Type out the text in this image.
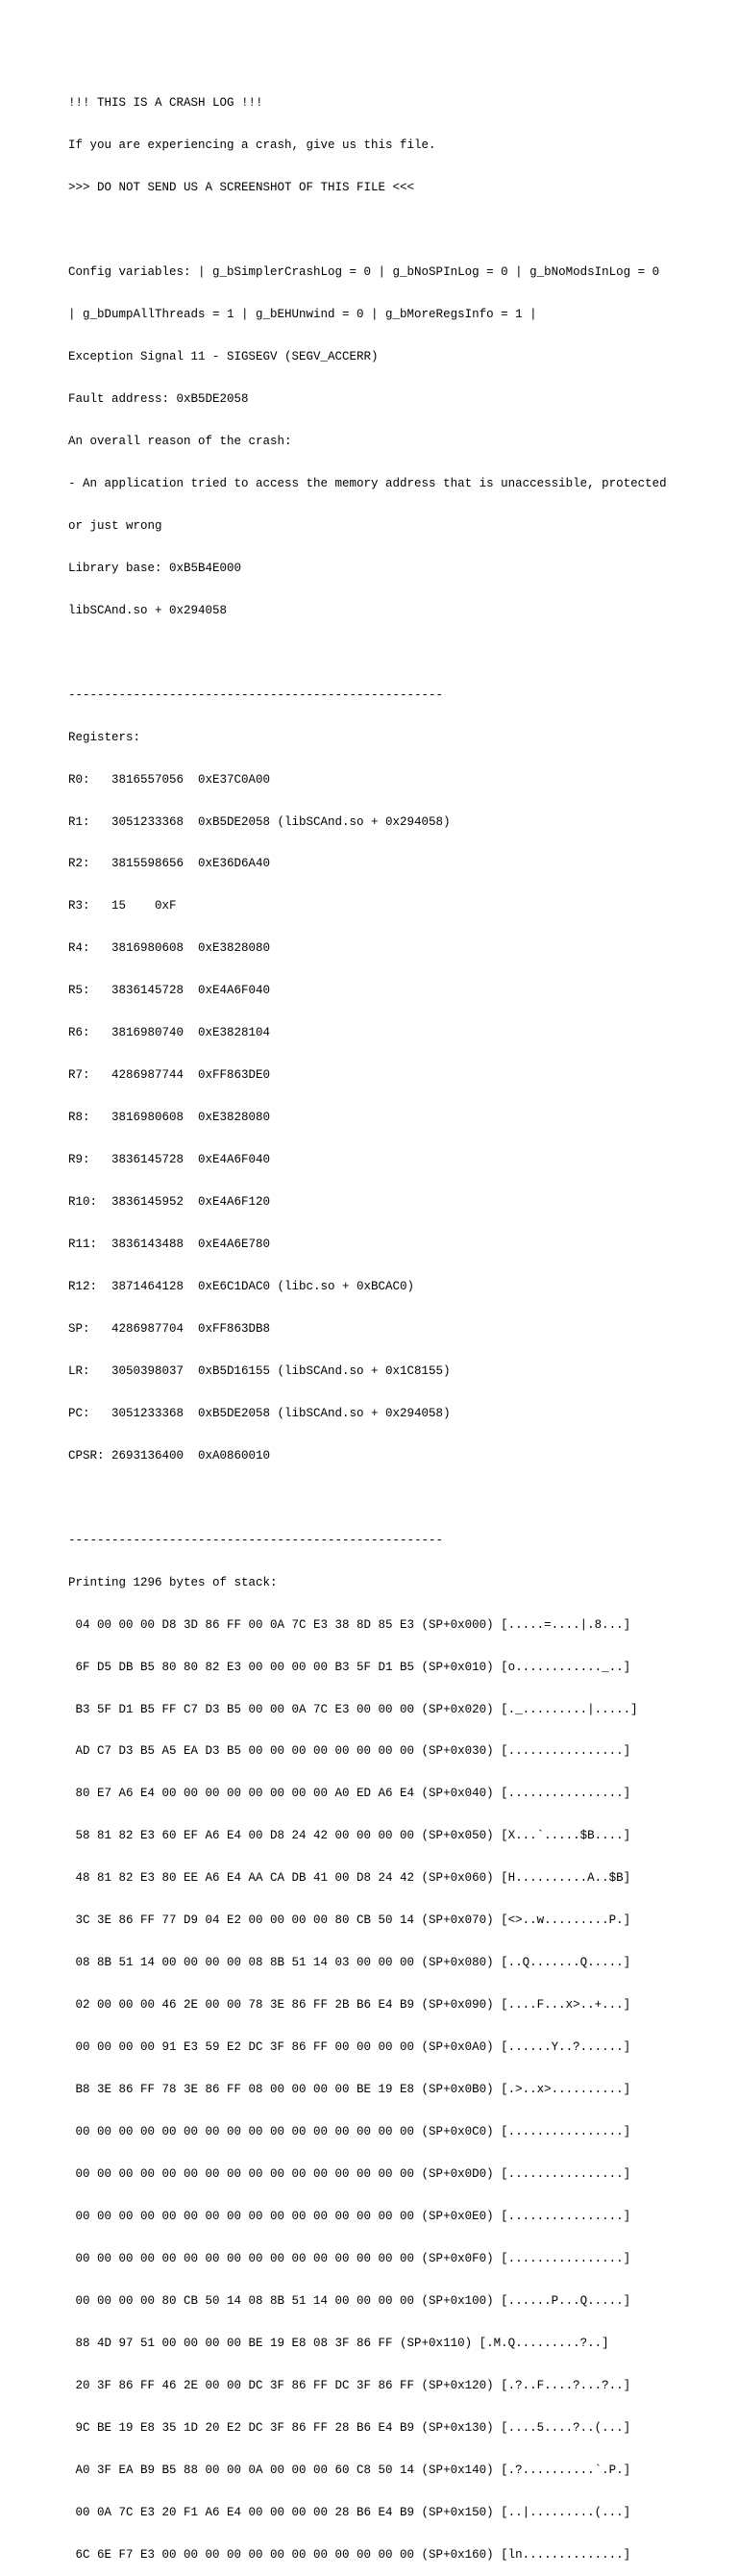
!!! THIS IS A CRASH LOG !!!

If you are experiencing a crash, give us this file.

>>> DO NOT SEND US A SCREENSHOT OF THIS FILE <<<

Config variables: | g_bSimplerCrashLog = 0 | g_bNoSPInLog = 0 | g_bNoModsInLog = 0

| g_bDumpAllThreads = 1 | g_bEHUnwind = 0 | g_bMoreRegsInfo = 1 |

Exception Signal 11 - SIGSEGV (SEGV_ACCERR)

Fault address: 0xB5DE2058

An overall reason of the crash:

- An application tried to access the memory address that is unaccessible, protected

or just wrong

Library base: 0xB5B4E000

libSCAnd.so + 0x294058

----------------------------------------------------

Registers:

R0:   3816557056  0xE37C0A00

R1:   3051233368  0xB5DE2058 (libSCAnd.so + 0x294058)

R2:   3815598656  0xE36D6A40

R3:   15    0xF

R4:   3816980608  0xE3828080

R5:   3836145728  0xE4A6F040

R6:   3816980740  0xE3828104

R7:   4286987744  0xFF863DE0

R8:   3816980608  0xE3828080

R9:   3836145728  0xE4A6F040

R10:  3836145952  0xE4A6F120

R11:  3836143488  0xE4A6E780

R12:  3871464128  0xE6C1DAC0 (libc.so + 0xBCAC0)

SP:   4286987704  0xFF863DB8

LR:   3050398037  0xB5D16155 (libSCAnd.so + 0x1C8155)

PC:   3051233368  0xB5DE2058 (libSCAnd.so + 0x294058)

CPSR: 2693136400  0xA0860010

----------------------------------------------------

Printing 1296 bytes of stack:

04 00 00 00 D8 3D 86 FF 00 0A 7C E3 38 8D 85 E3 (SP+0x000) [.....=....|.8...]

6F D5 DB B5 80 80 82 E3 00 00 00 00 B3 5F D1 B5 (SP+0x010) [o............_..]

B3 5F D1 B5 FF C7 D3 B5 00 00 0A 7C E3 00 00 00 (SP+0x020) [._.........|.....]

AD C7 D3 B5 A5 EA D3 B5 00 00 00 00 00 00 00 00 (SP+0x030) [................]

80 E7 A6 E4 00 00 00 00 00 00 00 00 A0 ED A6 E4 (SP+0x040) [................]

58 81 82 E3 60 EF A6 E4 00 D8 24 42 00 00 00 00 (SP+0x050) [X...`.....$B....]

48 81 82 E3 80 EE A6 E4 AA CA DB 41 00 D8 24 42 (SP+0x060) [H..........A..$B]

3C 3E 86 FF 77 D9 04 E2 00 00 00 00 80 CB 50 14 (SP+0x070) [<>..w.........P.]

08 8B 51 14 00 00 00 00 08 8B 51 14 03 00 00 00 (SP+0x080) [..Q.......Q.....]

02 00 00 00 46 2E 00 00 78 3E 86 FF 2B B6 E4 B9 (SP+0x090) [....F...x>..+...]

00 00 00 00 91 E3 59 E2 DC 3F 86 FF 00 00 00 00 (SP+0x0A0) [......Y..?......]

B8 3E 86 FF 78 3E 86 FF 08 00 00 00 00 BE 19 E8 (SP+0x0B0) [.>..x>..........]

00 00 00 00 00 00 00 00 00 00 00 00 00 00 00 00 (SP+0x0C0) [................]

00 00 00 00 00 00 00 00 00 00 00 00 00 00 00 00 (SP+0x0D0) [................]

00 00 00 00 00 00 00 00 00 00 00 00 00 00 00 00 (SP+0x0E0) [................]

00 00 00 00 00 00 00 00 00 00 00 00 00 00 00 00 (SP+0x0F0) [................]

00 00 00 00 80 CB 50 14 08 8B 51 14 00 00 00 00 (SP+0x100) [......P...Q.....]

88 4D 97 51 00 00 00 00 BE 19 E8 08 3F 86 FF (SP+0x110) [.M.Q.........?..]

20 3F 86 FF 46 2E 00 00 DC 3F 86 FF DC 3F 86 FF (SP+0x120) [.?..F....?...?..]

9C BE 19 E8 35 1D 20 E2 DC 3F 86 FF 28 B6 E4 B9 (SP+0x130) [....5....?..(...]

A0 3F EA B9 B5 88 00 00 0A 00 00 00 60 C8 50 14 (SP+0x140) [.?..........`.P.]

00 0A 7C E3 20 F1 A6 E4 00 00 00 00 28 B6 E4 B9 (SP+0x150) [..|.........(...]

6C 6E F7 E3 00 00 00 00 00 00 00 00 00 00 00 00 (SP+0x160) [ln..............]
